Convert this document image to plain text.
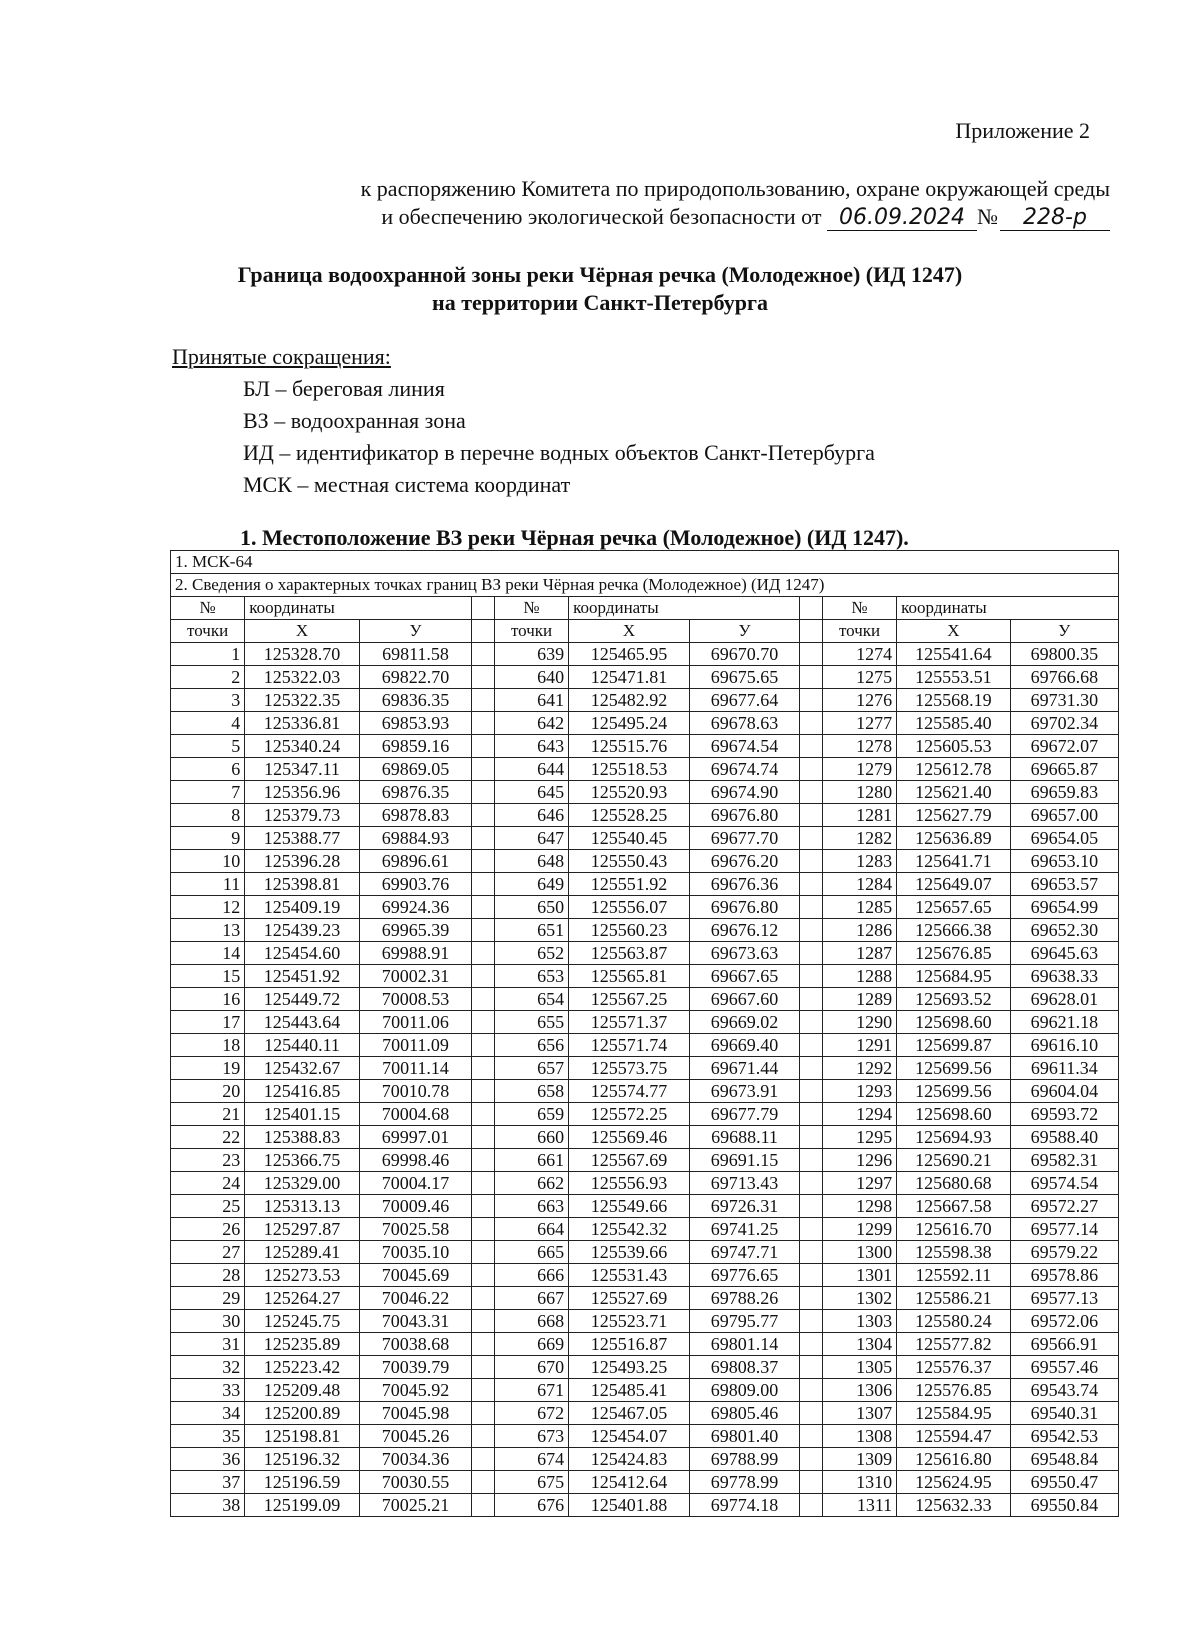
Приложение 2
к распоряжению Комитета по природопользованию, охране окружающей среды
и обеспечению экологической безопасности от 06.09.2024 № 228-р
Граница водоохранной зоны реки Чёрная речка (Молодежное) (ИД 1247)
на территории Санкт-Петербурга
Принятые сокращения:
БЛ – береговая линия
ВЗ – водоохранная зона
ИД – идентификатор в перечне водных объектов Санкт-Петербурга
МСК – местная система координат
1. Местоположение ВЗ реки Чёрная речка (Молодежное) (ИД 1247).
1. МСК-64										
2. Сведения о характерных точках границ ВЗ реки Чёрная речка (Молодежное) (ИД 1247)										
№	координаты			№	координаты			№	координаты	
точки	X	У		точки	X	У		точки	X	У
1	125328.70	69811.58		639	125465.95	69670.70		1274	125541.64	69800.35
2	125322.03	69822.70		640	125471.81	69675.65		1275	125553.51	69766.68
3	125322.35	69836.35		641	125482.92	69677.64		1276	125568.19	69731.30
4	125336.81	69853.93		642	125495.24	69678.63		1277	125585.40	69702.34
5	125340.24	69859.16		643	125515.76	69674.54		1278	125605.53	69672.07
6	125347.11	69869.05		644	125518.53	69674.74		1279	125612.78	69665.87
7	125356.96	69876.35		645	125520.93	69674.90		1280	125621.40	69659.83
8	125379.73	69878.83		646	125528.25	69676.80		1281	125627.79	69657.00
9	125388.77	69884.93		647	125540.45	69677.70		1282	125636.89	69654.05
10	125396.28	69896.61		648	125550.43	69676.20		1283	125641.71	69653.10
11	125398.81	69903.76		649	125551.92	69676.36		1284	125649.07	69653.57
12	125409.19	69924.36		650	125556.07	69676.80		1285	125657.65	69654.99
13	125439.23	69965.39		651	125560.23	69676.12		1286	125666.38	69652.30
14	125454.60	69988.91		652	125563.87	69673.63		1287	125676.85	69645.63
15	125451.92	70002.31		653	125565.81	69667.65		1288	125684.95	69638.33
16	125449.72	70008.53		654	125567.25	69667.60		1289	125693.52	69628.01
17	125443.64	70011.06		655	125571.37	69669.02		1290	125698.60	69621.18
18	125440.11	70011.09		656	125571.74	69669.40		1291	125699.87	69616.10
19	125432.67	70011.14		657	125573.75	69671.44		1292	125699.56	69611.34
20	125416.85	70010.78		658	125574.77	69673.91		1293	125699.56	69604.04
21	125401.15	70004.68		659	125572.25	69677.79		1294	125698.60	69593.72
22	125388.83	69997.01		660	125569.46	69688.11		1295	125694.93	69588.40
23	125366.75	69998.46		661	125567.69	69691.15		1296	125690.21	69582.31
24	125329.00	70004.17		662	125556.93	69713.43		1297	125680.68	69574.54
25	125313.13	70009.46		663	125549.66	69726.31		1298	125667.58	69572.27
26	125297.87	70025.58		664	125542.32	69741.25		1299	125616.70	69577.14
27	125289.41	70035.10		665	125539.66	69747.71		1300	125598.38	69579.22
28	125273.53	70045.69		666	125531.43	69776.65		1301	125592.11	69578.86
29	125264.27	70046.22		667	125527.69	69788.26		1302	125586.21	69577.13
30	125245.75	70043.31		668	125523.71	69795.77		1303	125580.24	69572.06
31	125235.89	70038.68		669	125516.87	69801.14		1304	125577.82	69566.91
32	125223.42	70039.79		670	125493.25	69808.37		1305	125576.37	69557.46
33	125209.48	70045.92		671	125485.41	69809.00		1306	125576.85	69543.74
34	125200.89	70045.98		672	125467.05	69805.46		1307	125584.95	69540.31
35	125198.81	70045.26		673	125454.07	69801.40		1308	125594.47	69542.53
36	125196.32	70034.36		674	125424.83	69788.99		1309	125616.80	69548.84
37	125196.59	70030.55		675	125412.64	69778.99		1310	125624.95	69550.47
38	125199.09	70025.21		676	125401.88	69774.18		1311	125632.33	69550.84
